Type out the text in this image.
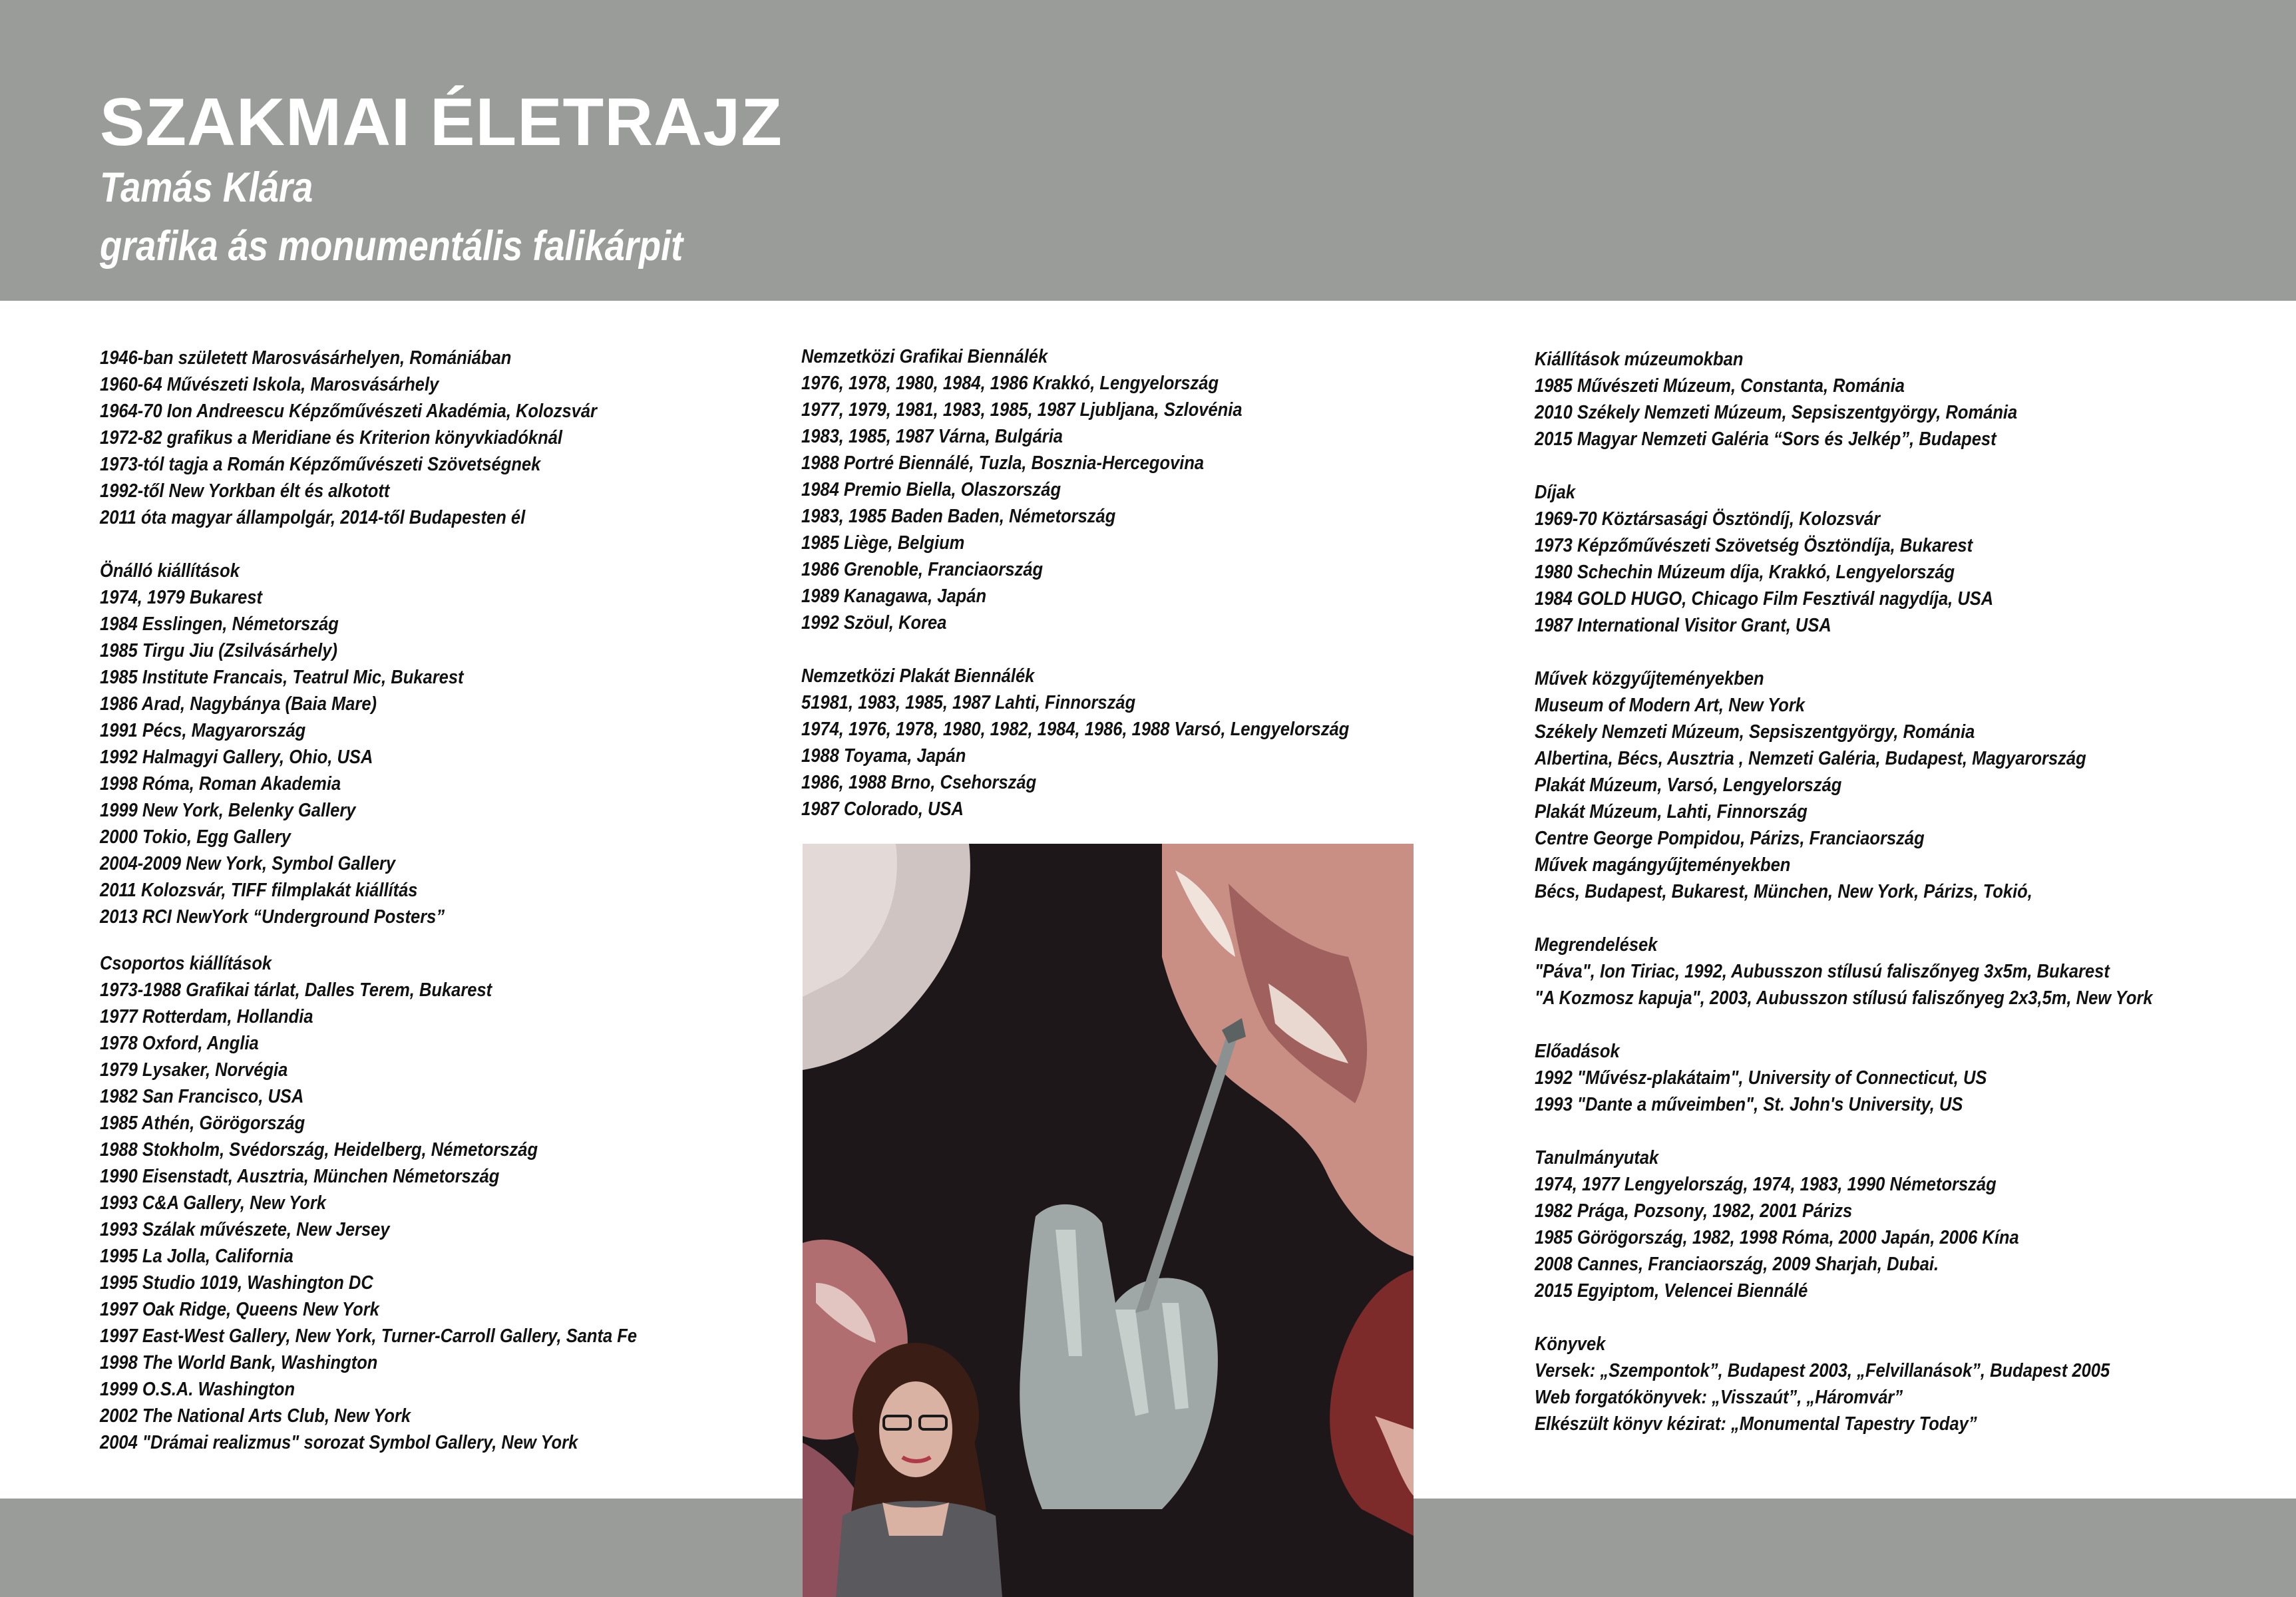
SZAKMAI ÉLETRAJZ
Tamás Klára
grafika ás monumentális falikárpit
1946-ban született Marosvásárhelyen, Romániában
1960-64 Művészeti Iskola, Marosvásárhely
1964-70 Ion Andreescu Képzőművészeti Akadémia, Kolozsvár
1972-82 grafikus a Meridiane és Kriterion könyvkiadóknál
1973-tól tagja a Román Képzőművészeti Szövetségnek
1992-től New Yorkban élt és alkotott
2011 óta magyar állampolgár, 2014-től Budapesten él
Önálló kiállítások
1974, 1979 Bukarest
1984 Esslingen, Németország
1985 Tirgu Jiu (Zsilvásárhely)
1985 Institute Francais, Teatrul Mic, Bukarest
1986 Arad, Nagybánya (Baia Mare)
1991 Pécs, Magyarország
1992 Halmagyi Gallery, Ohio, USA
1998 Róma, Roman Akademia
1999 New York, Belenky Gallery
2000 Tokio, Egg Gallery
2004-2009 New York, Symbol Gallery
2011 Kolozsvár, TIFF filmplakát kiállítás
2013 RCI NewYork “Underground Posters”
Csoportos kiállítások
1973-1988 Grafikai tárlat, Dalles Terem, Bukarest
1977 Rotterdam, Hollandia
1978 Oxford, Anglia
1979 Lysaker, Norvégia
1982 San Francisco, USA
1985 Athén, Görögország
1988 Stokholm, Svédország, Heidelberg, Németország
1990 Eisenstadt, Ausztria, München Németország
1993 C&A Gallery, New York
1993 Szálak művészete, New Jersey
1995 La Jolla, California
1995 Studio 1019, Washington DC
1997 Oak Ridge, Queens New York
1997 East-West Gallery, New York, Turner-Carroll Gallery, Santa Fe
1998 The World Bank, Washington
1999 O.S.A. Washington
2002 The National Arts Club, New York
2004 "Drámai realizmus" sorozat Symbol Gallery, New York
Nemzetközi Grafikai Biennálék
1976, 1978, 1980, 1984, 1986 Krakkó, Lengyelország
1977, 1979, 1981, 1983, 1985, 1987 Ljubljana, Szlovénia
1983, 1985, 1987 Várna, Bulgária
1988 Portré Biennálé, Tuzla, Bosznia-Hercegovina
1984 Premio Biella, Olaszország
1983, 1985 Baden Baden, Németország
1985 Liège, Belgium
1986 Grenoble, Franciaország
1989 Kanagawa, Japán
1992 Szöul, Korea
Nemzetközi Plakát Biennálék
51981, 1983, 1985, 1987 Lahti, Finnország
1974, 1976, 1978, 1980, 1982, 1984, 1986, 1988 Varsó, Lengyelország
1988 Toyama, Japán
1986, 1988 Brno, Csehország
1987 Colorado, USA
Kiállítások múzeumokban
1985 Művészeti Múzeum, Constanta, Románia
2010 Székely Nemzeti Múzeum, Sepsiszentgyörgy, Románia
2015 Magyar Nemzeti Galéria “Sors és Jelkép”, Budapest
Díjak
1969-70 Köztársasági Ösztöndíj, Kolozsvár
1973 Képzőművészeti Szövetség Ösztöndíja, Bukarest
1980 Schechin Múzeum díja, Krakkó, Lengyelország
1984 GOLD HUGO, Chicago Film Fesztivál nagydíja, USA
1987 International Visitor Grant, USA
Művek közgyűjteményekben
Museum of Modern Art, New York
Székely Nemzeti Múzeum, Sepsiszentgyörgy, Románia
Albertina, Bécs, Ausztria , Nemzeti Galéria, Budapest, Magyarország
Plakát Múzeum, Varsó, Lengyelország
Plakát Múzeum, Lahti, Finnország
Centre George Pompidou, Párizs, Franciaország
Művek magángyűjteményekben
Bécs, Budapest, Bukarest, München, New York, Párizs, Tokió,
Megrendelések
"Páva", Ion Tiriac, 1992, Aubusszon stílusú faliszőnyeg 3x5m, Bukarest
"A Kozmosz kapuja", 2003, Aubusszon stílusú faliszőnyeg 2x3,5m, New York
Előadások
1992 "Művész-plakátaim", University of Connecticut, US
1993 "Dante a műveimben", St. John's University, US
Tanulmányutak
1974, 1977 Lengyelország, 1974, 1983, 1990 Németország
1982 Prága, Pozsony, 1982, 2001 Párizs
1985 Görögország, 1982, 1998 Róma, 2000 Japán, 2006 Kína
2008 Cannes, Franciaország, 2009 Sharjah, Dubai.
2015 Egyiptom, Velencei Biennálé
Könyvek
Versek: „Szempontok”, Budapest 2003, „Felvillanások”, Budapest 2005
Web forgatókönyvek: „Visszaút”, „Háromvár”
Elkészült könyv kézirat: „Monumental Tapestry Today”
